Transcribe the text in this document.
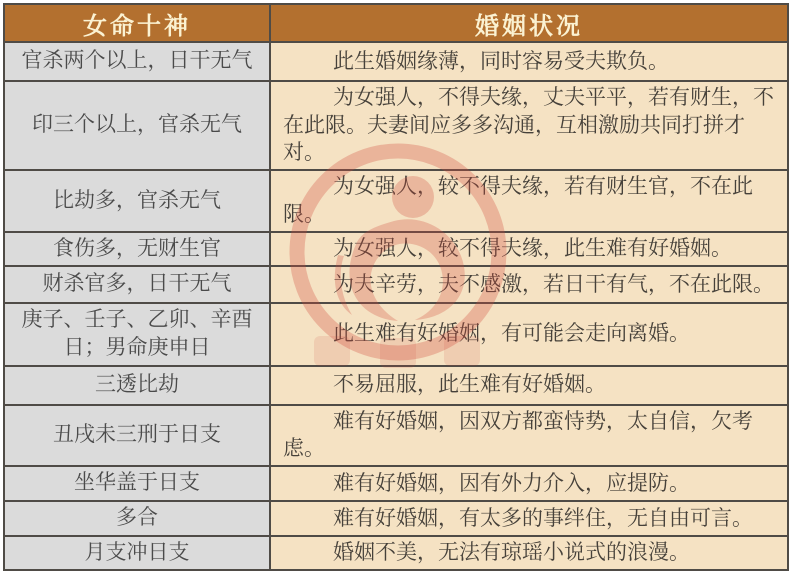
女命十神	婚姻状况
官杀两个以上，日干无气	此生婚姻缘薄，同时容易受夫欺负。
印三个以上，官杀无气	为女强人，不得夫缘，丈夫平平，若有财生，不在此限。夫妻间应多多沟通，互相激励共同打拼才对。
比劫多，官杀无气	为女强人，较不得夫缘，若有财生官，不在此限。
食伤多，无财生官	为女强人，较不得夫缘，此生难有好婚姻。
财杀官多，日干无气	为夫辛劳，夫不感激，若日干有气，不在此限。
庚子、壬子、乙卯、辛酉日；男命庚申日	此生难有好婚姻，有可能会走向离婚。
三透比劫	不易屈服，此生难有好婚姻。
丑戌未三刑于日支	难有好婚姻，因双方都蛮恃势，太自信，欠考虑。
坐华盖于日支	难有好婚姻，因有外力介入，应提防。
多合	难有好婚姻，有太多的事绊住，无自由可言。
月支冲日支	婚姻不美，无法有琼瑶小说式的浪漫。
